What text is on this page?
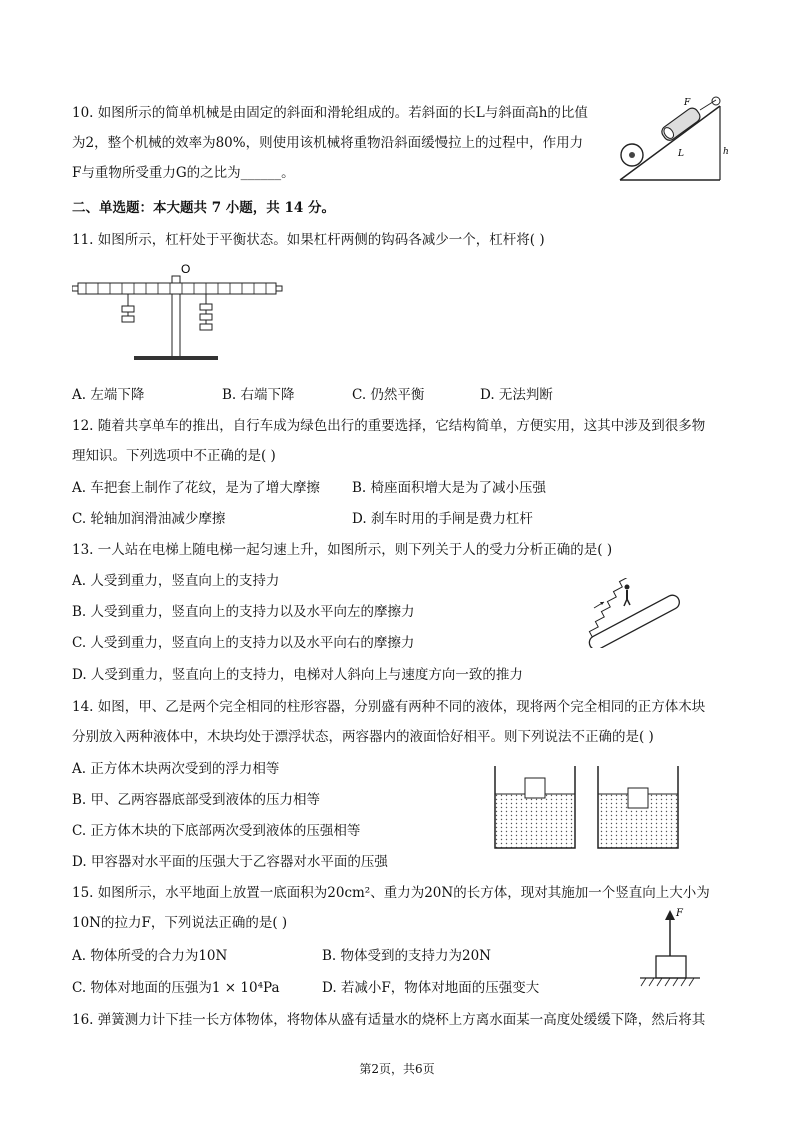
10. 如图所示的简单机械是由固定的斜面和滑轮组成的。若斜面的长L与斜面高h的比值
为2，整个机械的效率为80%，则使用该机械将重物沿斜面缓慢拉上的过程中，作用力
F与重物所受重力G的之比为______。
F
L	h
二、单选题：本大题共 7 小题，共 14 分。
11. 如图所示，杠杆处于平衡状态。如果杠杆两侧的钩码各减少一个，杠杆将( )
O
A. 左端下降	B. 右端下降	C. 仍然平衡	D. 无法判断
12. 随着共享单车的推出，自行车成为绿色出行的重要选择，它结构简单，方便实用，这其中涉及到很多物
理知识。下列选项中不正确的是( )
A. 车把套上制作了花纹，是为了增大摩擦 B. 椅座面积增大是为了减小压强
C. 轮轴加润滑油减少摩擦	D. 刹车时用的手闸是费力杠杆
13. 一人站在电梯上随电梯一起匀速上升，如图所示，则下列关于人的受力分析正确的是( )
A. 人受到重力，竖直向上的支持力
B. 人受到重力，竖直向上的支持力以及水平向左的摩擦力
C. 人受到重力，竖直向上的支持力以及水平向右的摩擦力
D. 人受到重力，竖直向上的支持力，电梯对人斜向上与速度方向一致的推力
14. 如图，甲、乙是两个完全相同的柱形容器，分别盛有两种不同的液体，现将两个完全相同的正方体木块
分别放入两种液体中，木块均处于漂浮状态，两容器内的液面恰好相平。则下列说法不正确的是( )
A. 正方体木块两次受到的浮力相等
B. 甲、乙两容器底部受到液体的压力相等
C. 正方体木块的下底部两次受到液体的压强相等
D. 甲容器对水平面的压强大于乙容器对水平面的压强
15. 如图所示，水平地面上放置一底面积为20cm²、重力为20N的长方体，现对其施加一个竖直向上大小为
10N的拉力F，下列说法正确的是( )
A. 物体所受的合力为10N	B. 物体受到的支持力为20N
C. 物体对地面的压强为1 × 10⁴Pa	D. 若减小F，物体对地面的压强变大
F
16. 弹簧测力计下挂一长方体物体，将物体从盛有适量水的烧杯上方离水面某一高度处缓缓下降，然后将其
第2页，共6页
